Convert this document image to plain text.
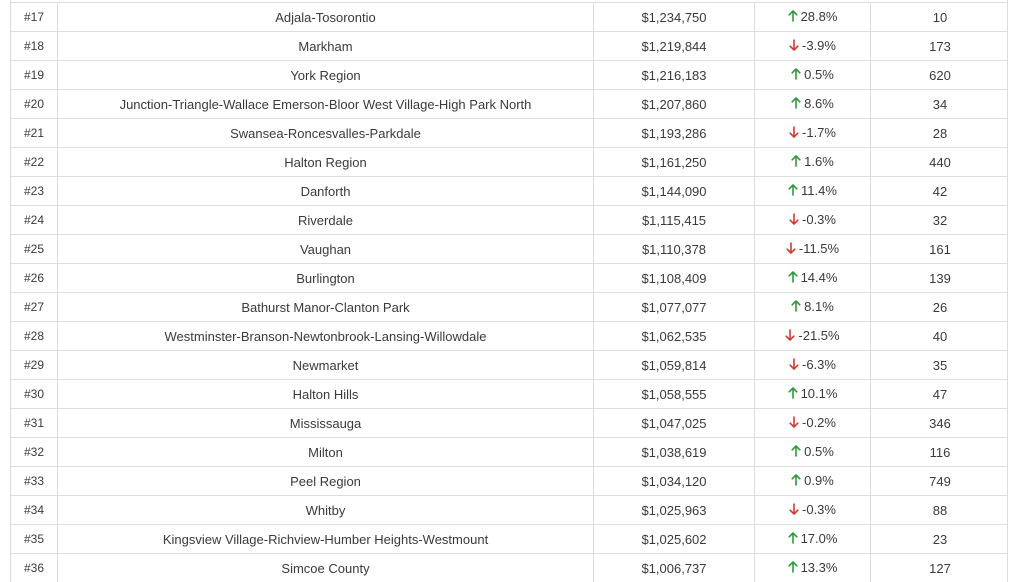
#17	Adjala-Tosorontio	$1,234,750	28.8%	10
#18	Markham	$1,219,844	-3.9%	173
#19	York Region	$1,216,183	0.5%	620
#20	Junction-Triangle-Wallace Emerson-Bloor West Village-High Park North	$1,207,860	8.6%	34
#21	Swansea-Roncesvalles-Parkdale	$1,193,286	-1.7%	28
#22	Halton Region	$1,161,250	1.6%	440
#23	Danforth	$1,144,090	11.4%	42
#24	Riverdale	$1,115,415	-0.3%	32
#25	Vaughan	$1,110,378	-11.5%	161
#26	Burlington	$1,108,409	14.4%	139
#27	Bathurst Manor-Clanton Park	$1,077,077	8.1%	26
#28	Westminster-Branson-Newtonbrook-Lansing-Willowdale	$1,062,535	-21.5%	40
#29	Newmarket	$1,059,814	-6.3%	35
#30	Halton Hills	$1,058,555	10.1%	47
#31	Mississauga	$1,047,025	-0.2%	346
#32	Milton	$1,038,619	0.5%	116
#33	Peel Region	$1,034,120	0.9%	749
#34	Whitby	$1,025,963	-0.3%	88
#35	Kingsview Village-Richview-Humber Heights-Westmount	$1,025,602	17.0%	23
#36	Simcoe County	$1,006,737	13.3%	127
